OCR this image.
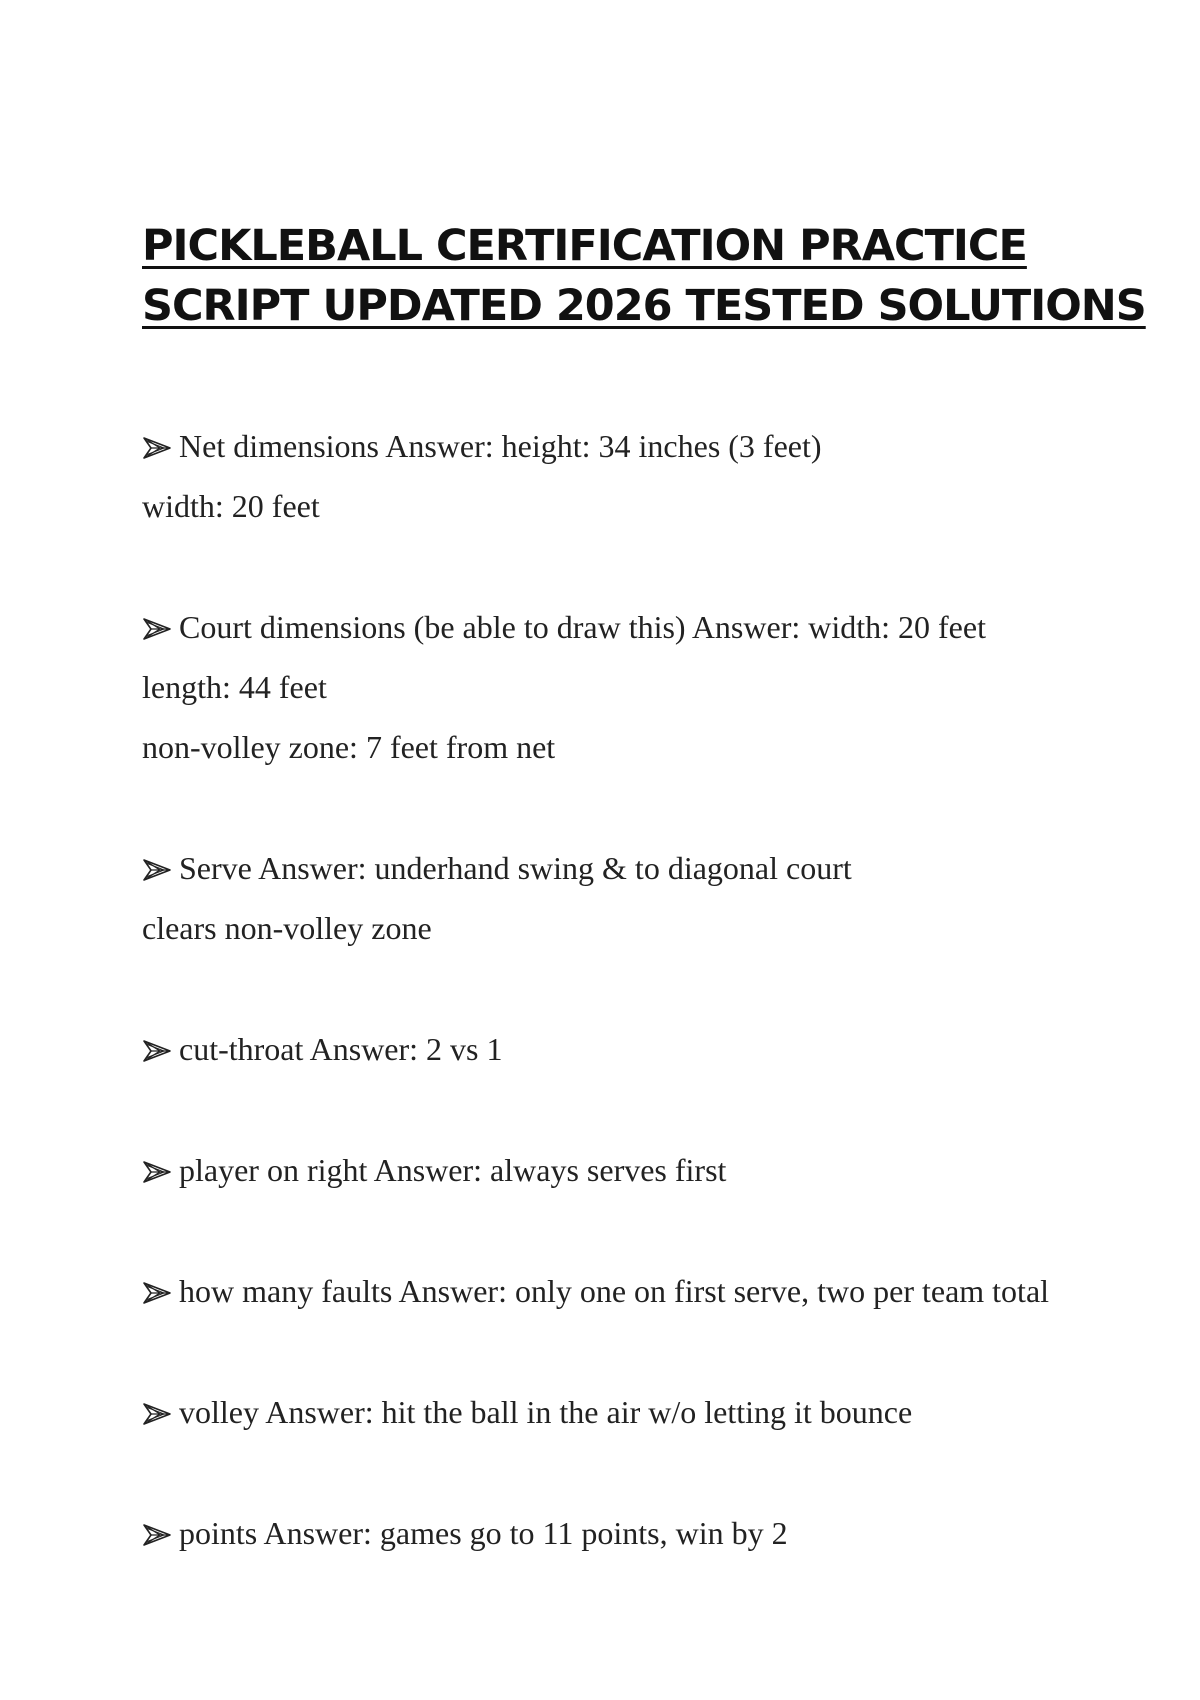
PICKLEBALL CERTIFICATION PRACTICE
SCRIPT UPDATED 2026 TESTED SOLUTIONS
Net dimensions Answer: height: 34 inches (3 feet)
width: 20 feet
Court dimensions (be able to draw this) Answer: width: 20 feet
length: 44 feet
non-volley zone: 7 feet from net
Serve Answer: underhand swing & to diagonal court
clears non-volley zone
cut-throat Answer: 2 vs 1
player on right Answer: always serves first
how many faults Answer: only one on first serve, two per team total
volley Answer: hit the ball in the air w/o letting it bounce
points Answer: games go to 11 points, win by 2
